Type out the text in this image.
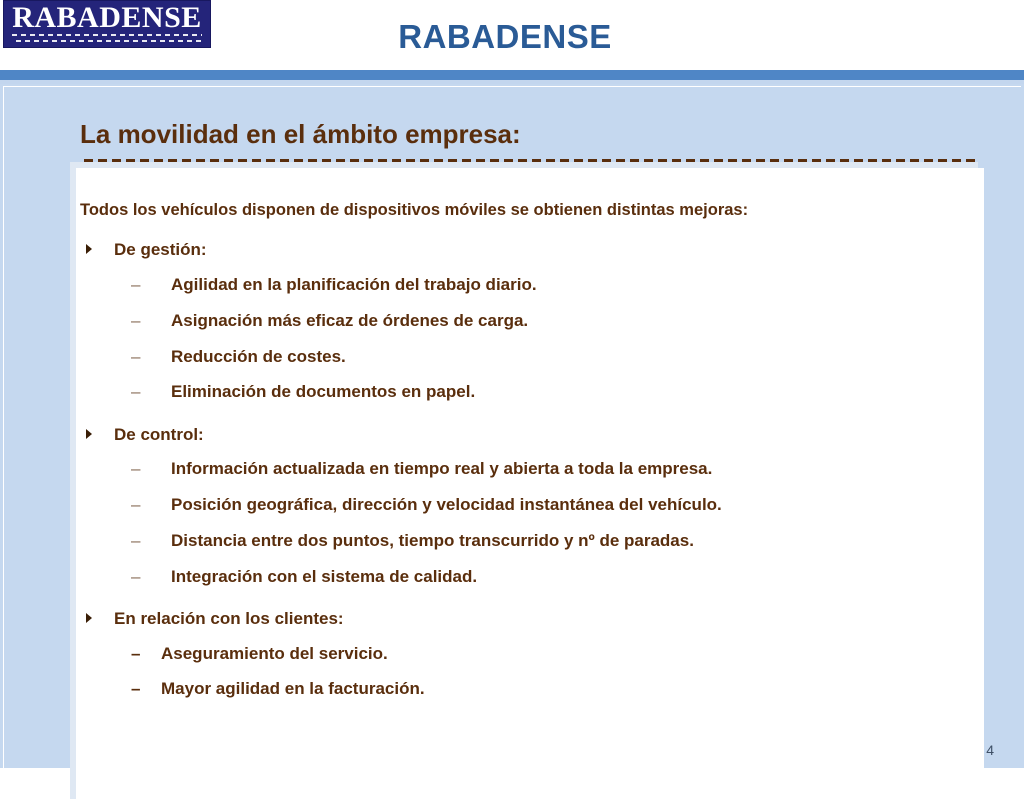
RABADENSE
RABADENSE
La movilidad en el ámbito empresa:
Todos los vehículos disponen de dispositivos móviles se obtienen distintas mejoras:
De gestión:
– Agilidad en la planificación del trabajo diario.
– Asignación más eficaz de órdenes de carga.
– Reducción de costes.
– Eliminación de documentos en papel.
De control:
– Información actualizada en tiempo real y abierta a toda la empresa.
– Posición geográfica, dirección y velocidad instantánea del vehículo.
– Distancia entre dos puntos, tiempo transcurrido y nº de paradas.
– Integración con el sistema de calidad.
En relación con los clientes:
– Aseguramiento del servicio.
– Mayor agilidad en la facturación.
4
